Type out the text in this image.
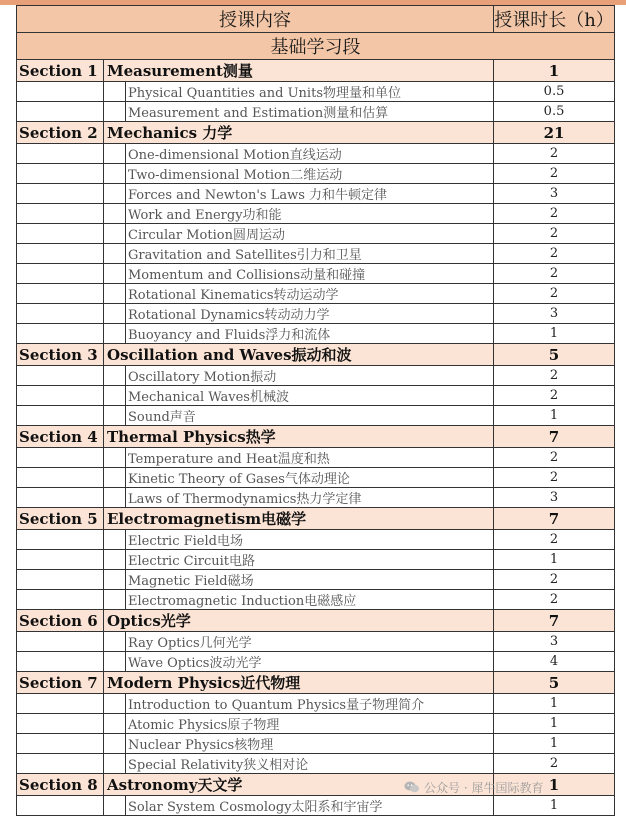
授课内容			授课时长（h）
基础学习段			
Section 1	Measurement测量		1
		Physical Quantities and Units物理量和单位	0.5
		Measurement and Estimation测量和估算	0.5
Section 2	Mechanics 力学		21
		One-dimensional Motion直线运动	2
		Two-dimensional Motion二维运动	2
		Forces and Newton's Laws 力和牛顿定律	3
		Work and Energy功和能	2
		Circular Motion圆周运动	2
		Gravitation and Satellites引力和卫星	2
		Momentum and Collisions动量和碰撞	2
		Rotational Kinematics转动运动学	2
		Rotational Dynamics转动动力学	3
		Buoyancy and Fluids浮力和流体	1
Section 3	Oscillation and Waves振动和波		5
		Oscillatory Motion振动	2
		Mechanical Waves机械波	2
		Sound声音	1
Section 4	Thermal Physics热学		7
		Temperature and Heat温度和热	2
		Kinetic Theory of Gases气体动理论	2
		Laws of Thermodynamics热力学定律	3
Section 5	Electromagnetism电磁学		7
		Electric Field电场	2
		Electric Circuit电路	1
		Magnetic Field磁场	2
		Electromagnetic Induction电磁感应	2
Section 6	Optics光学		7
		Ray Optics几何光学	3
		Wave Optics波动光学	4
Section 7	Modern Physics近代物理		5
		Introduction to Quantum Physics量子物理简介	1
		Atomic Physics原子物理	1
		Nuclear Physics核物理	1
		Special Relativity狭义相对论	2
Section 8	Astronomy天文学		1
		Solar System Cosmology太阳系和宇宙学	1
公众号 · 犀牛国际教育
